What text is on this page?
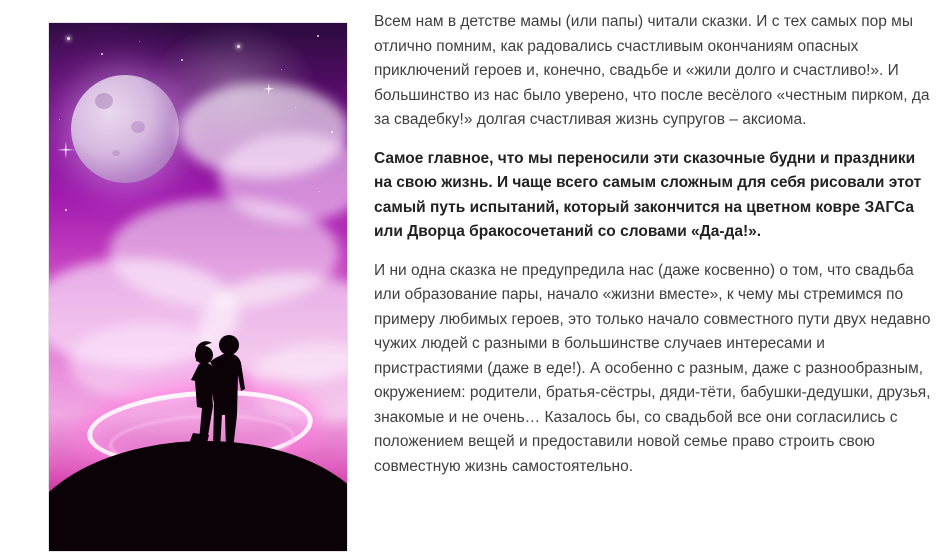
Всем нам в детстве мамы (или папы) читали сказки. И с тех самых пор мы отлично помним, как радовались счастливым окончаниям опасных приключений героев и, конечно, свадьбе и «жили долго и счастливо!». И большинство из нас было уверено, что после весёлого «честным пирком, да за свадебку!» долгая счастливая жизнь супругов – аксиома.

Самое главное, что мы переносили эти сказочные будни и праздники на свою жизнь. И чаще всего самым сложным для себя рисовали этот самый путь испытаний, который закончится на цветном ковре ЗАГСа или Дворца бракосочетаний со словами «Да-да!».

И ни одна сказка не предупредила нас (даже косвенно) о том, что свадьба или образование пары, начало «жизни вместе», к чему мы стремимся по примеру любимых героев, это только начало совместного пути двух недавно чужих людей с разными в большинстве случаев интересами и пристрастиями (даже в еде!). А особенно с разным, даже с разнообразным, окружением: родители, братья-сёстры, дяди-тёти, бабушки-дедушки, друзья, знакомые и не очень… Казалось бы, со свадьбой все они согласились с положением вещей и предоставили новой семье право строить свою совместную жизнь самостоятельно.
